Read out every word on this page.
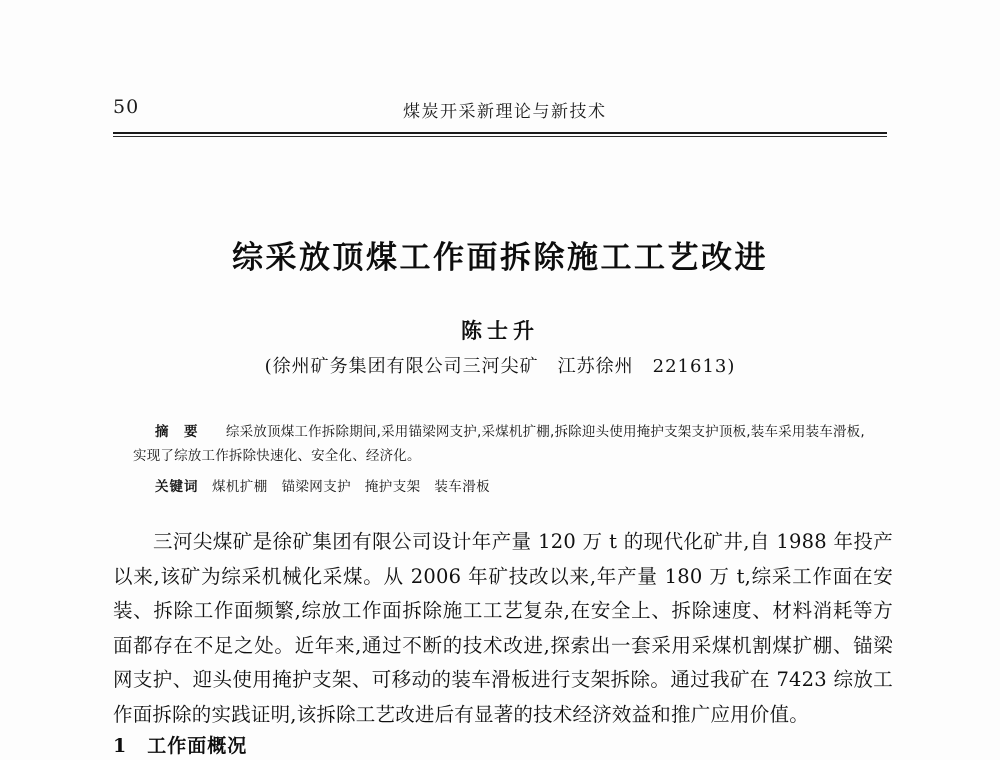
50	煤炭开采新理论与新技术
综采放顶煤工作面拆除施工工艺改进
陈士升
(徐州矿务集团有限公司三河尖矿　江苏徐州　221613)

摘　要　　 综采放顶煤工作拆除期间,采用锚梁网支护,采煤机扩棚,拆除迎头使用掩护支架支护顶板,装车采用装车滑板,实现了综放工作拆除快速化、安全化、经济化。

关键词　 煤机扩棚　锚梁网支护　掩护支架　装车滑板

三河尖煤矿是徐矿集团有限公司设计年产量 120 万 t 的现代化矿井,自 1988 年投产以来,该矿为综采机械化采煤。从 2006 年矿技改以来,年产量 180 万 t,综采工作面在安装、拆除工作面频繁,综放工作面拆除施工工艺复杂,在安全上、拆除速度、材料消耗等方面都存在不足之处。近年来,通过不断的技术改进,探索出一套采用采煤机割煤扩棚、锚梁网支护、迎头使用掩护支架、可移动的装车滑板进行支架拆除。通过我矿在 7423 综放工作面拆除的实践证明,该拆除工艺改进后有显著的技术经济效益和推广应用价值。

1　 工作面概况
